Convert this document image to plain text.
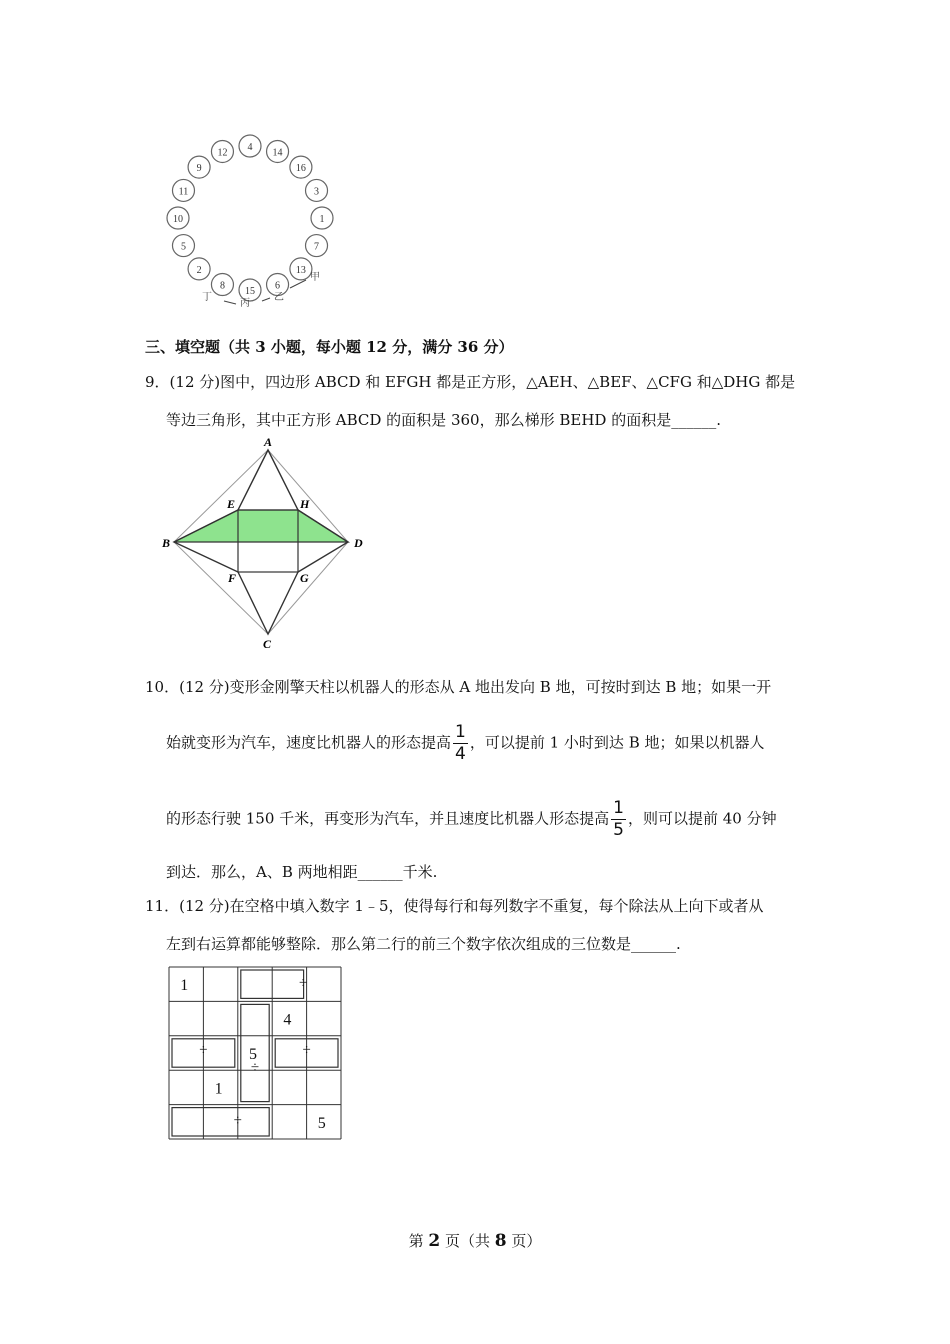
4 14
16
3
1
7
13
6
15
8
2
5
10
11
9
12
甲
乙
丙
丁
三、填空题（共 3 小题，每小题 12 分，满分 36 分）
9．(12 分)图中，四边形 ABCD 和 EFGH 都是正方形，△AEH、△BEF、△CFG 和△DHG 都是
等边三角形，其中正方形 ABCD 的面积是 360，那么梯形 BEHD 的面积是______.
A
B
C
D
E
F	G
H
10．(12 分)变形金刚擎天柱以机器人的形态从 A 地出发向 B 地，可按时到达 B 地；如果一开
始就变形为汽车，速度比机器人的形态提高 $\frac{1}{4}$ ，可以提前 1 小时到达 B 地；如果以机器人
的形态行驶 150 千米，再变形为汽车，并且速度比机器人形态提高 $\frac{1}{5}$ ，则可以提前 40 分钟
到达．那么，A、B 两地相距______千米.
11．(12 分)在空格中填入数字 1﹣5，使得每行和每列数字不重复，每个除法从上向下或者从
左到右运算都能够整除．那么第二行的前三个数字依次组成的三位数是______.
1
4
5
1
5
÷
÷
÷
÷
÷
第 2 页（共 8 页）
